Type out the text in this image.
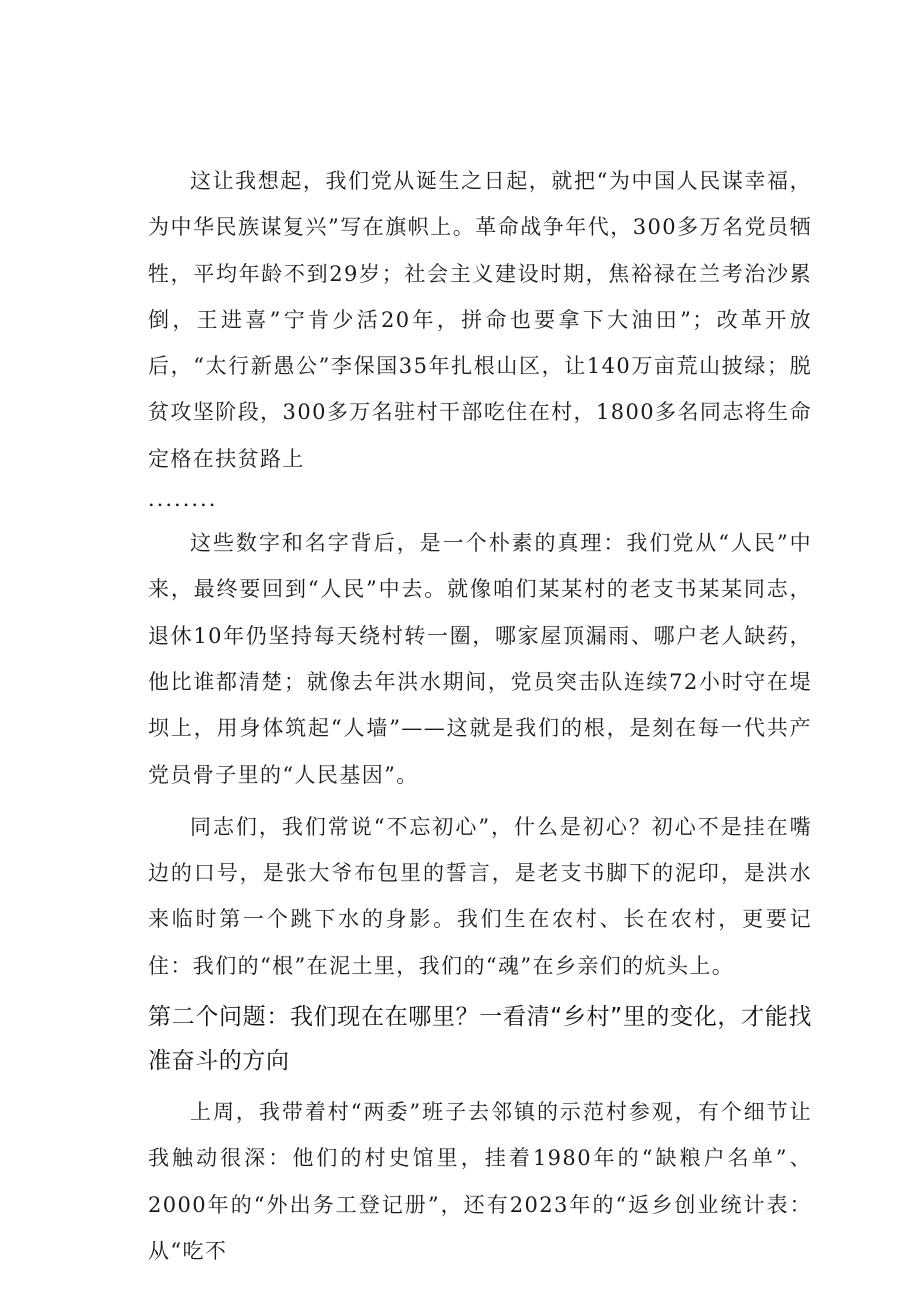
这让我想起，我们党从诞生之日起，就把“为中国人民谋幸福，为中华民族谋复兴”写在旗帜上。革命战争年代，300多万名党员牺牲，平均年龄不到29岁；社会主义建设时期，焦裕禄在兰考治沙累倒，王进喜”宁肯少活20年，拼命也要拿下大油田”；改革开放后，“太行新愚公”李保国35年扎根山区，让140万亩荒山披绿；脱贫攻坚阶段，300多万名驻村干部吃住在村，1800多名同志将生命定格在扶贫路上

........

这些数字和名字背后，是一个朴素的真理：我们党从“人民”中来，最终要回到“人民”中去。就像咱们某某村的老支书某某同志，退休10年仍坚持每天绕村转一圈，哪家屋顶漏雨、哪户老人缺药，他比谁都清楚；就像去年洪水期间，党员突击队连续72小时守在堤坝上，用身体筑起“人墙”——这就是我们的根，是刻在每一代共产党员骨子里的“人民基因”。

同志们，我们常说“不忘初心”，什么是初心？初心不是挂在嘴边的口号，是张大爷布包里的誓言，是老支书脚下的泥印，是洪水来临时第一个跳下水的身影。我们生在农村、长在农村，更要记住：我们的“根”在泥土里，我们的“魂”在乡亲们的炕头上。

第二个问题：我们现在在哪里？一看清“乡村”里的变化，才能找准奋斗的方向

上周，我带着村“两委”班子去邻镇的示范村参观，有个细节让我触动很深：他们的村史馆里，挂着1980年的“缺粮户名单”、2000年的“外出务工登记册”，还有2023年的“返乡创业统计表：从“吃不
